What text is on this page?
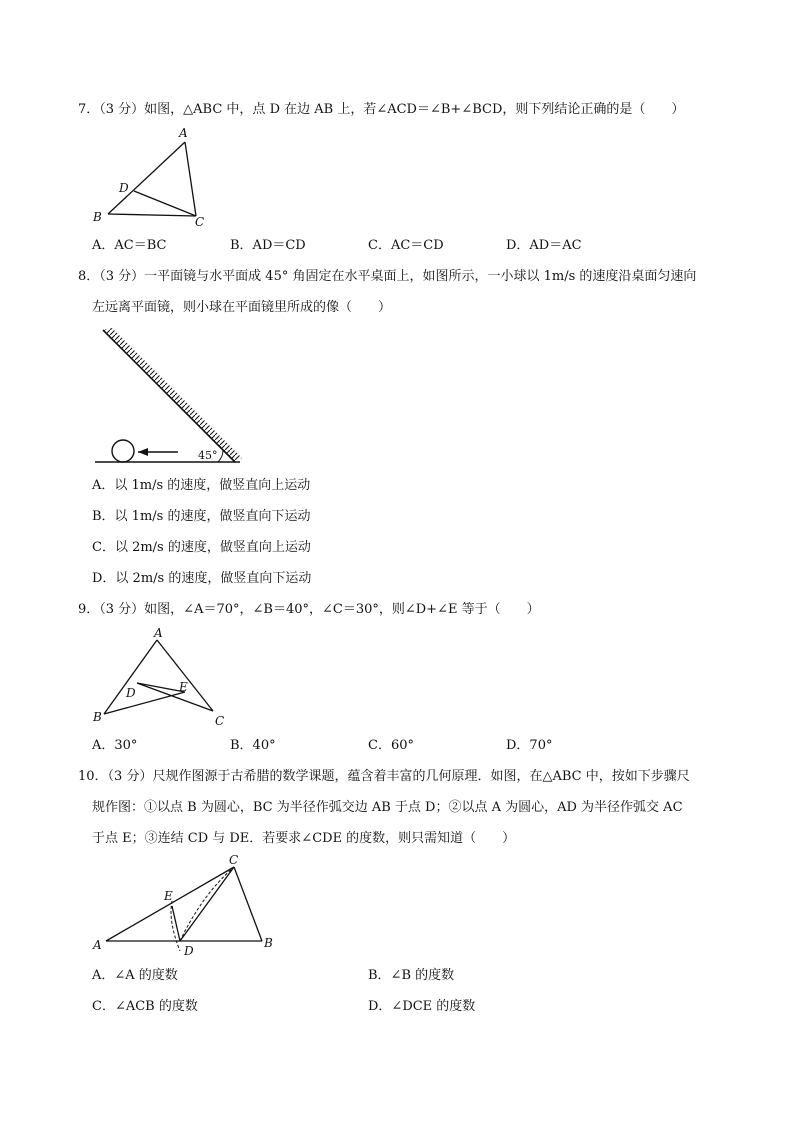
7．（3 分）如图，△ABC 中，点 D 在边 AB 上，若∠ACD＝∠B+∠BCD，则下列结论正确的是（　　）
A
D
B	C
A．AC＝BC	B．AD＝CD	C．AC＝CD	D．AD＝AC
8．（3 分）一平面镜与水平面成 45° 角固定在水平桌面上，如图所示，一小球以 1m/s 的速度沿桌面匀速向
左远离平面镜，则小球在平面镜里所成的像（　　）
45°
A．以 1m/s 的速度，做竖直向上运动
B．以 1m/s 的速度，做竖直向下运动
C．以 2m/s 的速度，做竖直向上运动
D．以 2m/s 的速度，做竖直向下运动
9．（3 分）如图，∠A＝70°，∠B＝40°，∠C＝30°，则∠D+∠E 等于（　　）
A
D	E
B	C
A．30°	B．40°	C．60°	D．70°
10．（3 分）尺规作图源于古希腊的数学课题，蕴含着丰富的几何原理．如图，在△ABC 中，按如下步骤尺
规作图：①以点 B 为圆心，BC 为半径作弧交边 AB 于点 D；②以点 A 为圆心，AD 为半径作弧交 AC
于点 E；③连结 CD 与 DE．若要求∠CDE 的度数，则只需知道（　　）
C
E
A	D
B
A．∠A 的度数	B．∠B 的度数
C．∠ACB 的度数	D．∠DCE 的度数
